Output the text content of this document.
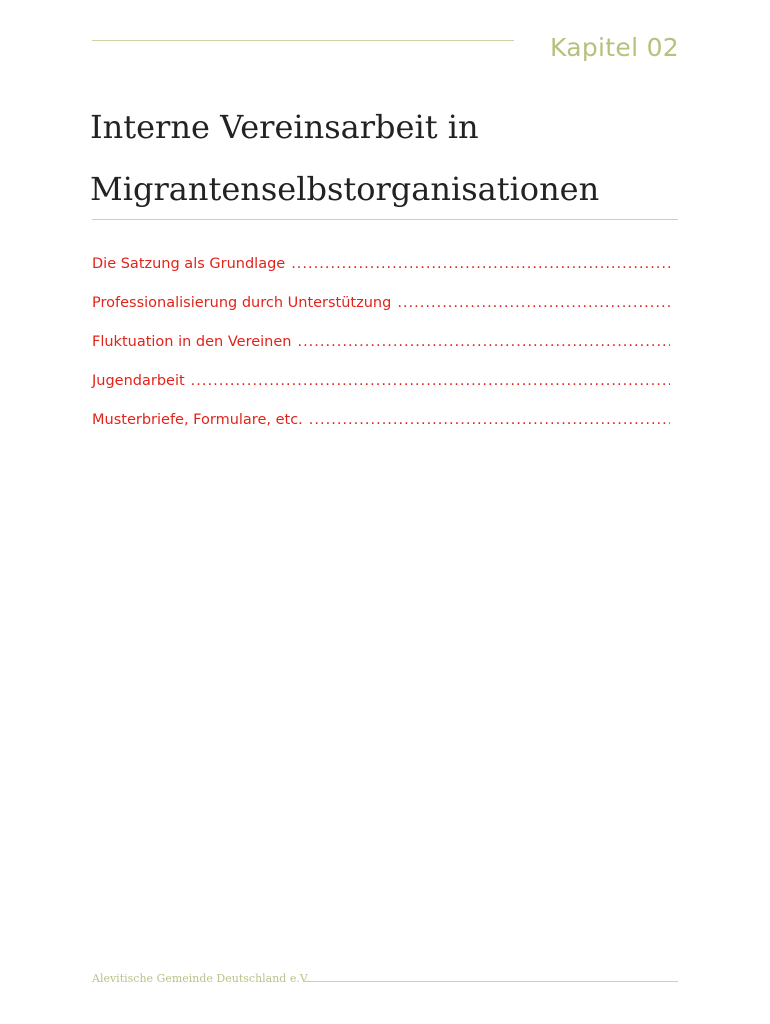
Kapitel 02
Interne Vereinsarbeit in
Migrantenselbstorganisationen
Die Satzung als Grundlage
.....
Professionalisierung durch Unterstützung
.....
Fluktuation in den Vereinen
.....
Jugendarbeit
.....
Musterbriefe, Formulare, etc.
.....
Alevitische Gemeinde Deutschland e.V.
